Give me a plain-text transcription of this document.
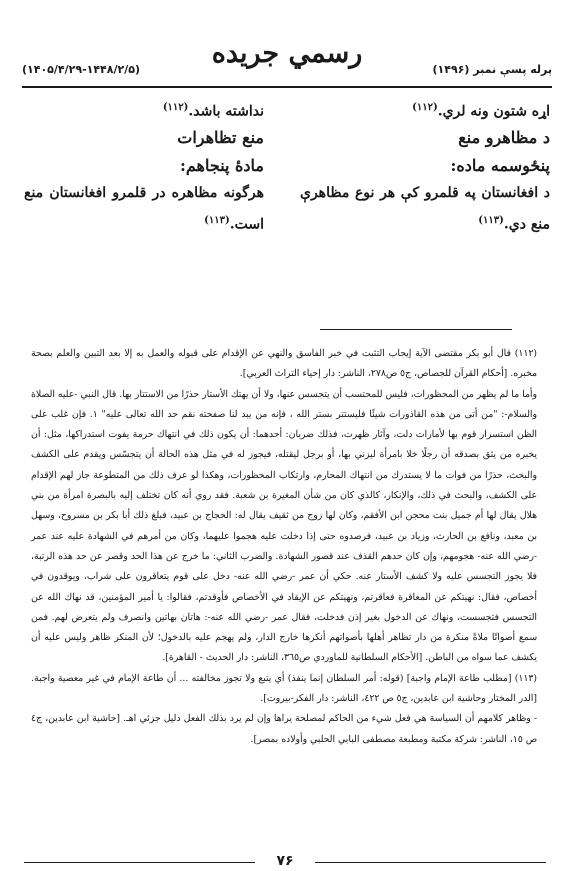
رسمي جريده
(۱۴۰۵/۴/۲۹-۱۴۴۸/۲/۵)	پرله پسې نمبر (۱۴۹۶)
اړه شتون ونه لري.$^{(۱۱۲)}$
د مظاهرو منع
پنځوسمه ماده:
د افغانستان په قلمرو کې هر نوع مظاهرې منع دي.$^{(۱۱۳)}$
نداشته باشد.$^{(۱۱۲)}$
منع تظاهرات
مادهٔ پنجاهم:
هرگونه مظاهره در قلمرو افغانستان منع است.$^{(۱۱۳)}$

(١١٢) قال أبو بكر مقتضى الآية إيجاب التثبت في خبر الفاسق والنهي عن الإقدام على قبوله والعمل به إلا بعد التبين والعلم بصحة مخبره. [أحكام القرآن للجصاص، ج٥ ص٢٧٨، الناشر: دار إحياء التراث العربي].

وأما ما لم يظهر من المحظورات، فليس للمحتسب أن يتجسس عنها، ولا أن يهتك الأستار حذرًا من الاستتار بها. قال النبي -عليه الصلاة والسلام-: "من أتى من هذه القاذورات شيئًا فليستتر بستر الله ، فإنه من يبد لنا صفحته نقم حد الله تعالى عليه" ١. فإن غلب على الظن استسرار قوم بها لأمارات دلت، وآثار ظهرت، فذلك ضربان: أحدهما: أن يكون ذلك في انتهاك حرمة يفوت استدراكها، مثل: أن يخبره من يثق بصدقه أن رجلًا خلا بامرأة ليزني بها، أو برجل ليقتله، فيجوز له في مثل هذه الحالة أن يتجسّس ويقدم على الكشف والبحث، حذرًا من فوات ما لا يستدرك من انتهاك المحارم، وارتكاب المحظورات، وهكذا لو عرف ذلك من المتطوعة جاز لهم الإقدام على الكشف، والبحث في ذلك، والإنكار، كالذي كان من شأن المغيرة بن شعبة. فقد روي أنه كان تختلف إليه بالبصرة امرأة من بني هلال يقال لها أم جميل بنت محجن ابن الأفقم، وكان لها زوج من ثقيف يقال له: الحجاج بن عبيد، فبلغ ذلك أبا بكر بن مسروح، وسهل بن معبد، ونافع بن الحارث، وزياد بن عبيد، فرصدوه حتى إذا دخلت عليه هجموا عليهما، وكان من أمرهم في الشهادة عليه عند عمر -رضي الله عنه- هجومهم، وإن كان حدهم القذف عند قصور الشهادة. والضرب الثاني: ما خرج عن هذا الحد وقصر عن حد هذه الرتبة، فلا يجوز التجسس عليه ولا كشف الأستار عنه. حكي أن عمر -رضي الله عنه- دخل على قوم يتعاقرون على شراب، ويوقدون في أخصاص، فقال: نهيتكم عن المعاقرة فعاقرتم، ونهيتكم عن الإيقاد في الأخصاص فأوقدتم، فقالوا: يا أمير المؤمنين، قد نهاك الله عن التجسس فتجسست، ونهاك عن الدخول بغير إذن فدخلت، فقال عمر -رضي الله عنه-: هاتان بهاتين وانصرف ولم يتعرض لهم. فمن سمع أصواتًا ملاةً منكرة من دار تظاهر أهلها بأصواتهم أنكرها خارج الدار، ولم يهجم عليه بالدخول؛ لأن المنكر ظاهر وليس عليه أن يكشف عما سواه من الباطن. [الأحكام السلطانية للماوردي ص٣٦٥، الناشر: دار الحديث - القاهرة].

(١١٣) [مطلب طاعة الإمام واجبة] (قوله: أمر السلطان إنما ينفذ) أي يتبع ولا تجوز مخالفته ... أن طاعة الإمام في غير معصية واجبة. [الدر المختار وحاشية ابن عابدين، ج٥ ص ٤٢٢، الناشر: دار الفكر-بيروت].

- وظاهر كلامهم أن السياسة هي فعل شيء من الحاكم لمصلحة يراها وإن لم يرد بذلك الفعل دليل جزئي اهـ. [حاشية ابن عابدين، ج٤ ص ١٥، الناشر: شركة مكتبة ومطبعة مصطفى البابي الحلبي وأولاده بمصر].

۷۶
